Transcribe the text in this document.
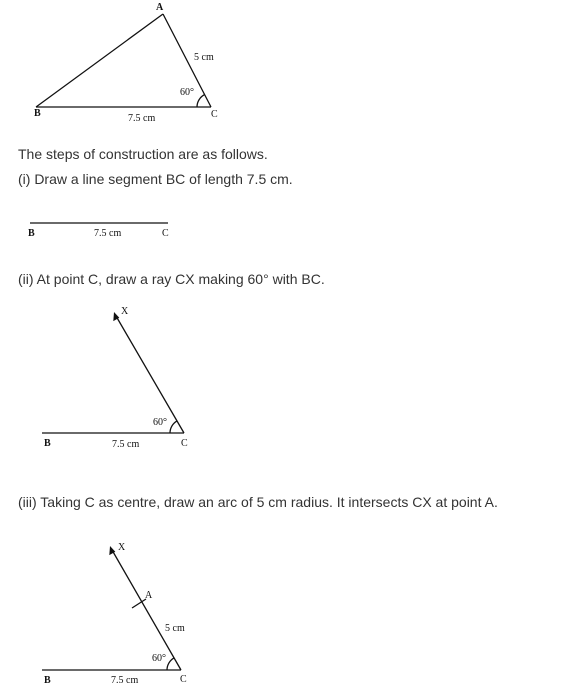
A
B	C
5 cm
60°
7.5 cm

The steps of construction are as follows.

(i) Draw a line segment BC of length 7.5 cm.

B	7.5 cm	C

(ii) At point C, draw a ray CX making 60° with BC.

X
60°
B	7.5 cm	C

(iii) Taking C as centre, draw an arc of 5 cm radius. It intersects CX at point A.

X
A
5 cm
60°
B	7.5 cm	C
